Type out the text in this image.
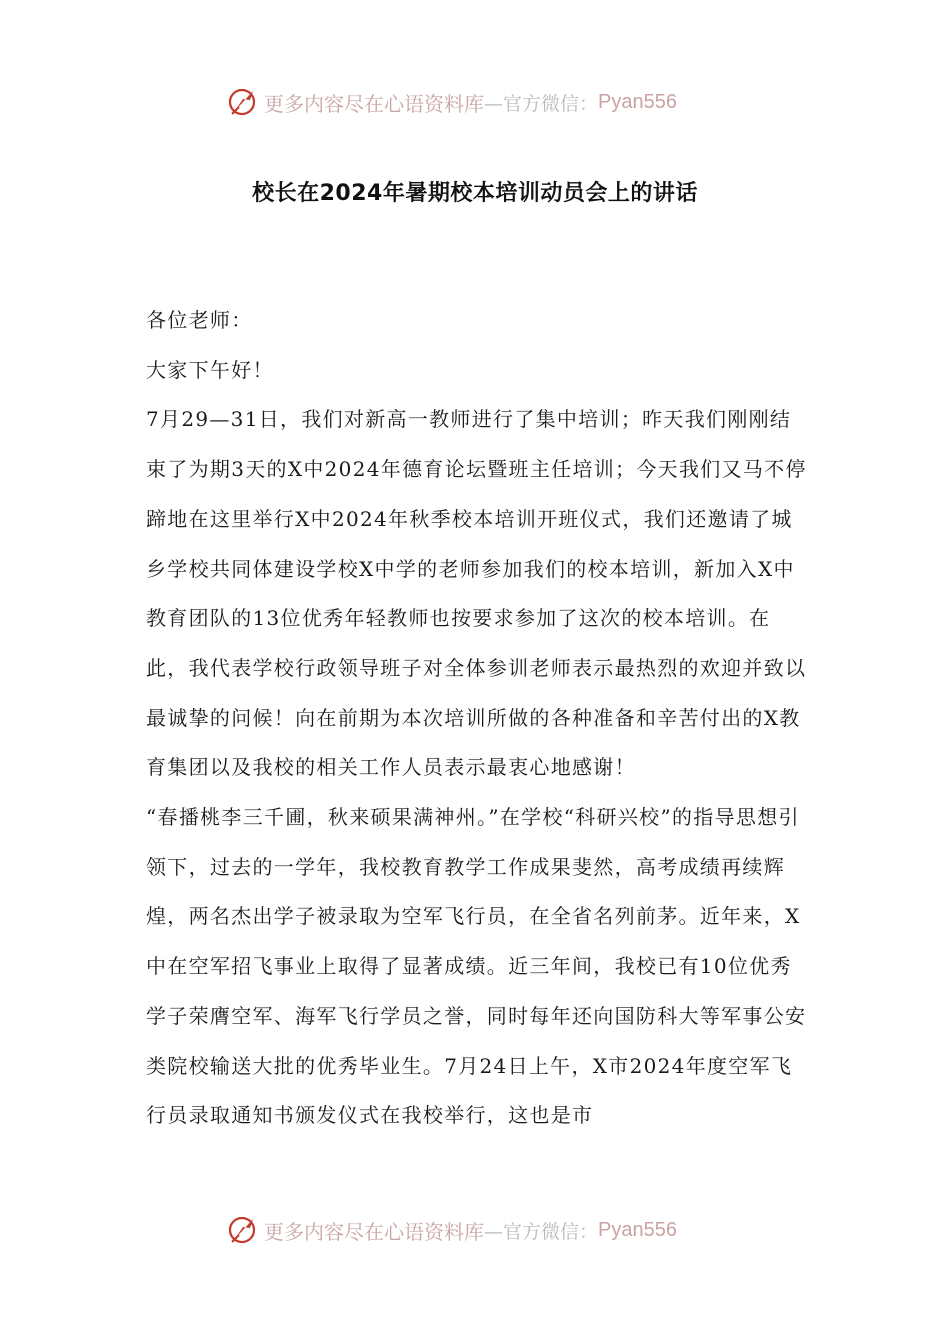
更多内容尽在心语资料库 —官方微信： Pyan556
校长在2024年暑期校本培训动员会上的讲话

各位老师：

大家下午好！

7月29—31日，我们对新高一教师进行了集中培训；昨天我们刚刚结束了为期3天的X中2024年德育论坛暨班主任培训；今天我们又马不停蹄地在这里举行X中2024年秋季校本培训开班仪式，我们还邀请了城乡学校共同体建设学校X中学的老师参加我们的校本培训，新加入X中教育团队的13位优秀年轻教师也按要求参加了这次的校本培训。在此，我代表学校行政领导班子对全体参训老师表示最热烈的欢迎并致以最诚挚的问候！向在前期为本次培训所做的各种准备和辛苦付出的X教育集团以及我校的相关工作人员表示最衷心地感谢！

“春播桃李三千圃，秋来硕果满神州。”在学校“科研兴校”的指导思想引领下，过去的一学年，我校教育教学工作成果斐然，高考成绩再续辉煌，两名杰出学子被录取为空军飞行员，在全省名列前茅。近年来，X中在空军招飞事业上取得了显著成绩。近三年间，我校已有10位优秀学子荣膺空军、海军飞行学员之誉，同时每年还向国防科大等军事公安类院校输送大批的优秀毕业生。7月24日上午，X市2024年度空军飞行员录取通知书颁发仪式在我校举行，这也是市

更多内容尽在心语资料库 —官方微信： Pyan556
